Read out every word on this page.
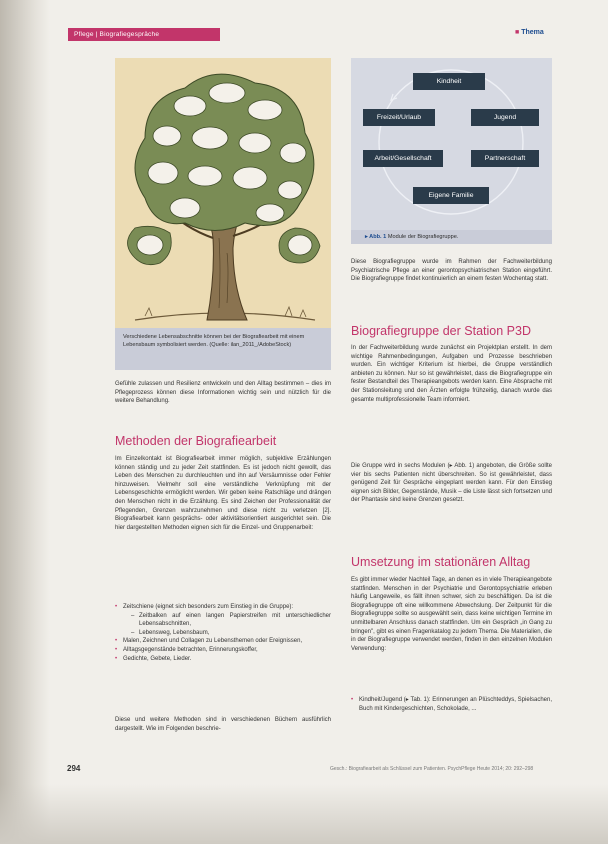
Pflege | Biografiegespräche	■ Thema
Verschiedene Lebensabschnitte können bei der Biografiearbeit mit einem Lebensbaum symbolisiert werden. (Quelle: ilan_2011_/AdobeStock)
Gefühle zulassen und Resilienz entwickeln und den Alltag bestimmen – dies im Pflegeprozess können diese Informationen wichtig sein und nützlich für die weitere Behandlung.
Methoden der Biografiearbeit
Im Einzelkontakt ist Biografiearbeit immer möglich, subjektive Erzählungen können ständig und zu jeder Zeit stattfinden. Es ist jedoch nicht gewollt, das Leben des Menschen zu durchleuchten und ihn auf Versäumnisse oder Fehler hinzuweisen. Vielmehr soll eine verständliche Verknüpfung mit der Lebensgeschichte ermöglicht werden. Wir geben keine Ratschläge und drängen den Menschen nicht in die Erzählung. Es sind Zeichen der Professionalität der Pflegenden, Grenzen wahrzunehmen und diese nicht zu verletzen [2]. Biografiearbeit kann gesprächs- oder aktivitätsorientiert ausgerichtet sein. Die hier dargestellten Methoden eignen sich für die Einzel- und Gruppenarbeit:
• Zeitschiene (eignet sich besonders zum Einstieg in die Gruppe):
– Zeitbalken auf einen langen Papierstreifen mit unterschiedlicher Lebensabschnitten,
– Lebensweg, Lebensbaum,
• Malen, Zeichnen und Collagen zu Lebensthemen oder Ereignissen,
• Alltagsgegenstände betrachten, Erinnerungskoffer,
• Gedichte, Gebete, Lieder.
Diese und weitere Methoden sind in verschiedenen Büchern ausführlich dargestellt. Wie im Folgenden beschrie-
Kindheit
Freizeit/Urlaub	Jugend
Arbeit/Gesellschaft	Partnerschaft
Eigene Familie
▸ Abb. 1 Module der Biografiegruppe.
Diese Biografiegruppe wurde im Rahmen der Fachweiterbildung Psychiatrische Pflege an einer gerontopsychiatrischen Station eingeführt. Die Biografiegruppe findet kontinuierlich an einem festen Wochentag statt.
Biografiegruppe der Station P3D
In der Fachweiterbildung wurde zunächst ein Projektplan erstellt. In dem wichtige Rahmenbedingungen, Aufgaben und Prozesse beschrieben wurden. Ein wichtiger Kriterium ist hierbei, die Gruppe verständlich anbieten zu können. Nur so ist gewährleistet, dass die Biografiegruppe ein fester Bestandteil des Therapieangebots werden kann. Eine Absprache mit der Stationsleitung und den Ärzten erfolgte frühzeitig, danach wurde das gesamte multiprofessionelle Team informiert.
Die Gruppe wird in sechs Modulen (▸ Abb. 1) angeboten, die Größe sollte vier bis sechs Patienten nicht überschreiten. So ist gewährleistet, dass genügend Zeit für Gespräche eingeplant werden kann. Für den Einstieg eignen sich Bilder, Gegenstände, Musik – die Liste lässt sich fortsetzen und der Phantasie sind keine Grenzen gesetzt.
Umsetzung im stationären Alltag
Es gibt immer wieder Nachteil Tage, an denen es in viele Therapieangebote stattfinden. Menschen in der Psychiatrie und Gerontopsychiatrie erleben häufig Langeweile, es fällt ihnen schwer, sich zu beschäftigen. Da ist die Biografiegruppe oft eine willkommene Abwechslung. Der Zeitpunkt für die Biografiegruppe sollte so ausgewählt sein, dass keine wichtigen Termine im unmittelbaren Anschluss danach stattfinden. Um ein Gespräch „in Gang zu bringen", gibt es einen Fragenkatalog zu jedem Thema. Die Materialien, die in der Biografiegruppe verwendet werden, finden in den einzelnen Modulen Verwendung:
• Kindheit/Jugend (▸ Tab. 1): Erinnerungen an Plüschteddys, Spielsachen, Buch mit Kindergeschichten, Schokolade, ...
294	Gesch.: Biografiearbeit als Schlüssel zum Patienten. PsychPflege Heute 2014; 20: 292–298
